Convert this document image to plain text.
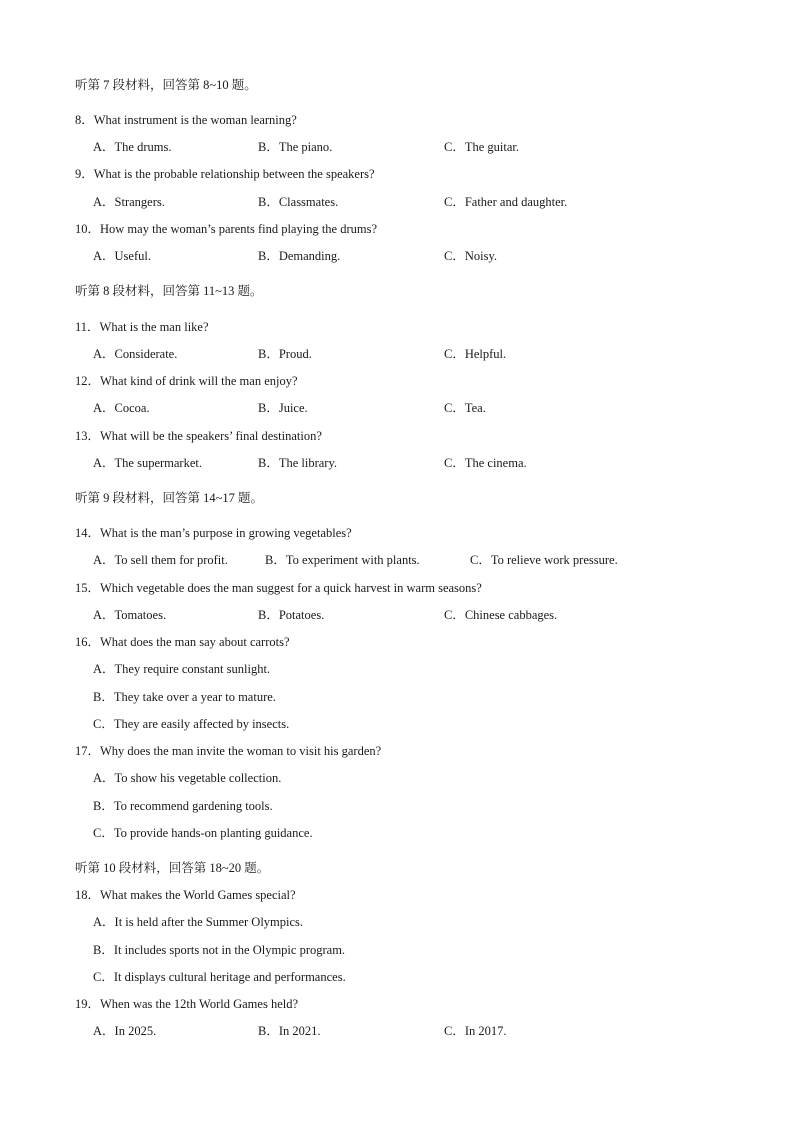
听第 7 段材料，回答第 8~10 题。
8．What instrument is the woman learning?
A．The drums.	B．The piano.	C．The guitar.
9．What is the probable relationship between the speakers?
A．Strangers.	B．Classmates.	C．Father and daughter.
10．How may the woman’s parents find playing the drums?
A．Useful.	B．Demanding.	C．Noisy.
听第 8 段材料，回答第 11~13 题。
11．What is the man like?
A．Considerate.	B．Proud.	C．Helpful.
12．What kind of drink will the man enjoy?
A．Cocoa.	B．Juice.	C．Tea.
13．What will be the speakers’ final destination?
A．The supermarket.	B．The library.	C．The cinema.
听第 9 段材料，回答第 14~17 题。
14．What is the man’s purpose in growing vegetables?
A．To sell them for profit.	B．To experiment with plants.	C．To relieve work pressure.
15．Which vegetable does the man suggest for a quick harvest in warm seasons?
A．Tomatoes.	B．Potatoes.	C．Chinese cabbages.
16．What does the man say about carrots?
A．They require constant sunlight.
B．They take over a year to mature.
C．They are easily affected by insects.
17．Why does the man invite the woman to visit his garden?
A．To show his vegetable collection.
B．To recommend gardening tools.
C．To provide hands-on planting guidance.
听第 10 段材料，回答第 18~20 题。
18．What makes the World Games special?
A．It is held after the Summer Olympics.
B．It includes sports not in the Olympic program.
C．It displays cultural heritage and performances.
19．When was the 12th World Games held?
A．In 2025.	B．In 2021.	C．In 2017.
